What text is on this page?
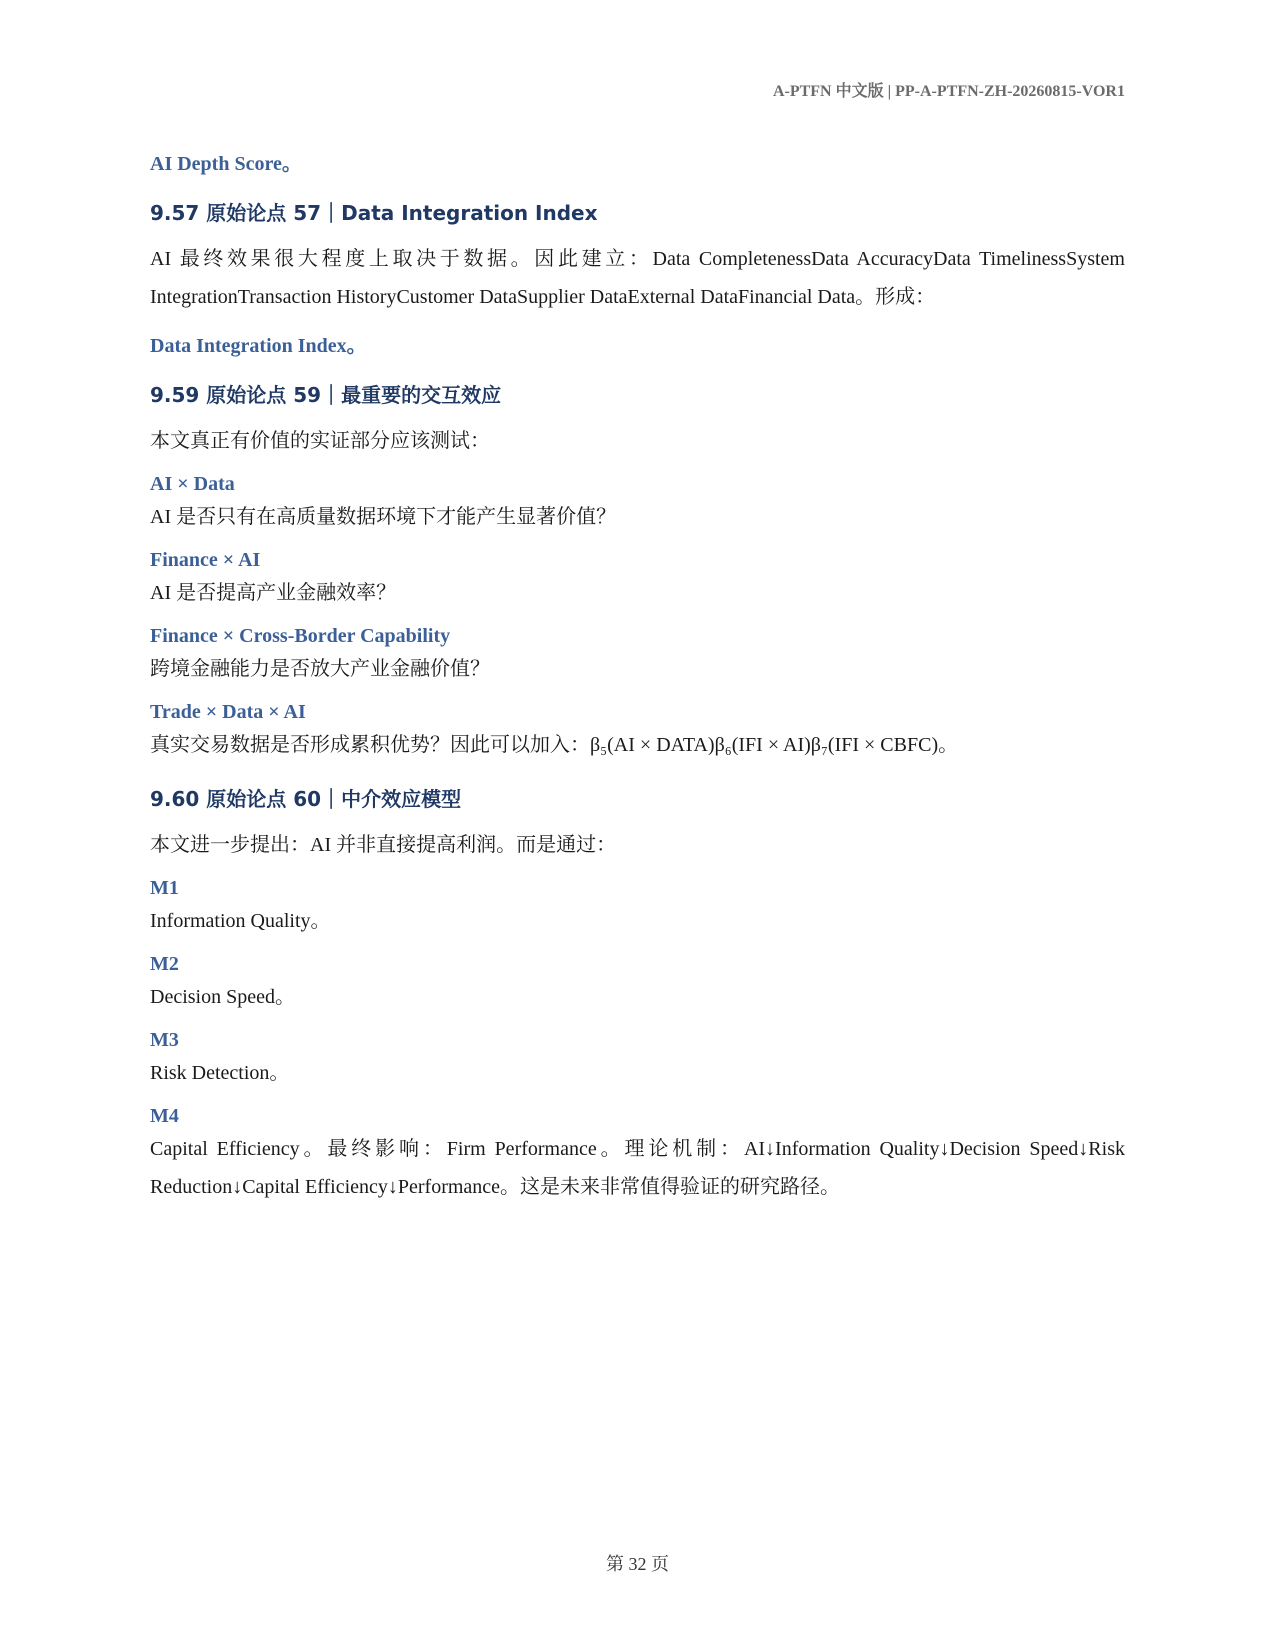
A-PTFN 中文版 | PP-A-PTFN-ZH-20260815-VOR1

AI Depth Score。

9.57 原始论点 57｜Data Integration Index

AI 最终效果很大程度上取决于数据。因此建立：Data CompletenessData AccuracyData TimelinessSystem IntegrationTransaction HistoryCustomer DataSupplier DataExternal DataFinancial Data。形成：

Data Integration Index。

9.59 原始论点 59｜最重要的交互效应

本文真正有价值的实证部分应该测试：

AI × Data

AI 是否只有在高质量数据环境下才能产生显著价值？

Finance × AI

AI 是否提高产业金融效率？

Finance × Cross-Border Capability

跨境金融能力是否放大产业金融价值？

Trade × Data × AI

真实交易数据是否形成累积优势？因此可以加入：β₅(AI × DATA)β₆(IFI × AI)β₇(IFI × CBFC)。

9.60 原始论点 60｜中介效应模型

本文进一步提出：AI 并非直接提高利润。而是通过：

M1

Information Quality。

M2

Decision Speed。

M3

Risk Detection。

M4

Capital Efficiency。最终影响：Firm Performance。理论机制：AI↓Information Quality↓Decision Speed↓Risk Reduction↓Capital Efficiency↓Performance。这是未来非常值得验证的研究路径。

第 32 页
